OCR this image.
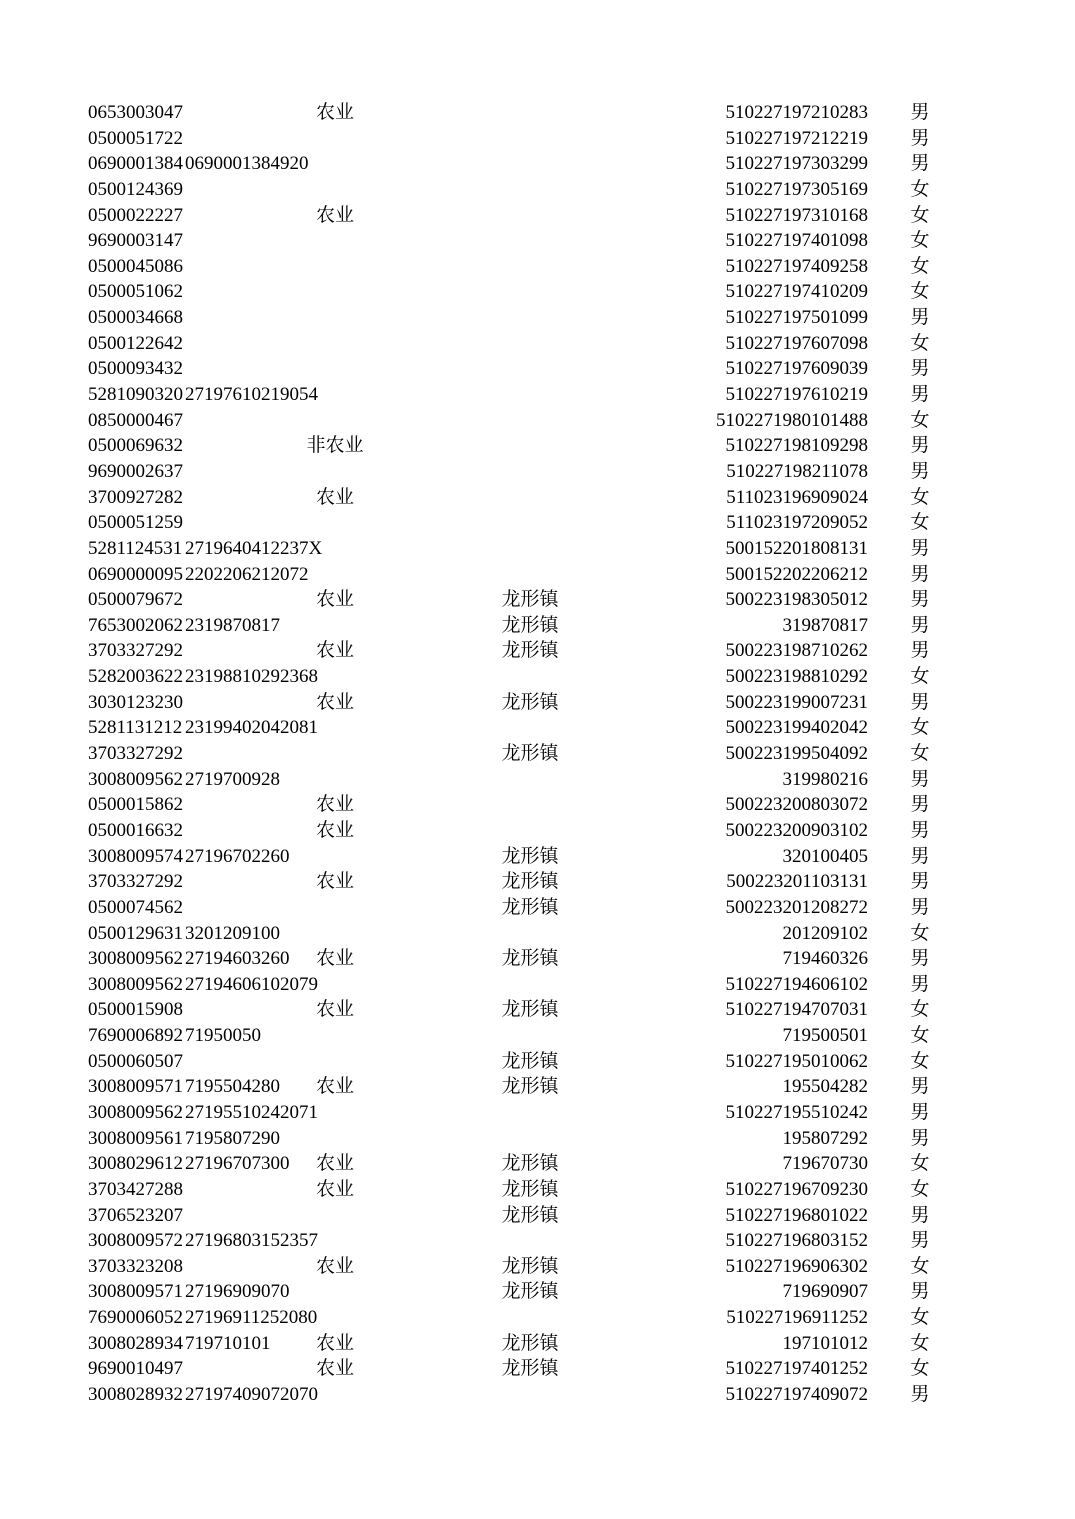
0653003047	农业	510227197210283 男
0500051722	510227197212219 男
0690001384 0690001384920	510227197303299 男
0500124369	510227197305169 女
0500022227	农业	510227197310168 女
9690003147	510227197401098 女
0500045086	510227197409258 女
0500051062	510227197410209 女
0500034668	510227197501099 男
0500122642	510227197607098 女
0500093432	510227197609039 男
5281090320 2719761021905​4	510227197610219 男
0850000467	5102271980101488 女
0500069632	非农业	510227198109298 男
9690002637	510227198211078 男
3700927282	农业	511023196909024 女
0500051259	511023197209052 女
5281124531 2719640412237X	500152201808131 男
0690000095 2202206212072	500152202206212 男
0500079672	农业	龙形镇	500223198305012 男
7653002062 2319870817	龙形镇	319870817 男
3703327292	农业	龙形镇	500223198710262 男
5282003622 23198810292368	500223198810292 女
3030123230	农业	龙形镇	500223199007231 男
5281131212 23199402042081	500223199402042 女
3703327292	龙形镇	500223199504092 女
3008009562 2719700928	319980216 男
0500015862	农业	500223200803072 男
0500016632	农业	500223200903102 男
3008009574 27196702260	龙形镇	320100405 男
3703327292	农业	龙形镇	500223201103131 男
0500074562	龙形镇	500223201208272 男
0500129631 3201209100	201209102 女
3008009562 27194603260	农业	龙形镇	719460326 男
3008009562 27194606102079	510227194606102 男
0500015908	农业	龙形镇	510227194707031 女
7690006892 71950050	719500501 女
0500060507	龙形镇	510227195010062 女
3008009571 7195504280	农业	龙形镇	195504282 男
3008009562 27195510242071	510227195510242 男
3008009561 7195807290	195807292 男
3008029612 27196707300	农业	龙形镇	719670730 女
3703427288	农业	龙形镇	510227196709230 女
3706523207	龙形镇	510227196801022 男
3008009572 27196803152357	510227196803152 男
3703323208	农业	龙形镇	510227196906302 女
3008009571 27196909070	龙形镇	719690907 男
7690006052 27196911252080	510227196911252 女
3008028934 719710101	农业	龙形镇	197101012 女
9690010497	农业	龙形镇	510227197401252 女
3008028932 27197409072070	510227197409072 男
